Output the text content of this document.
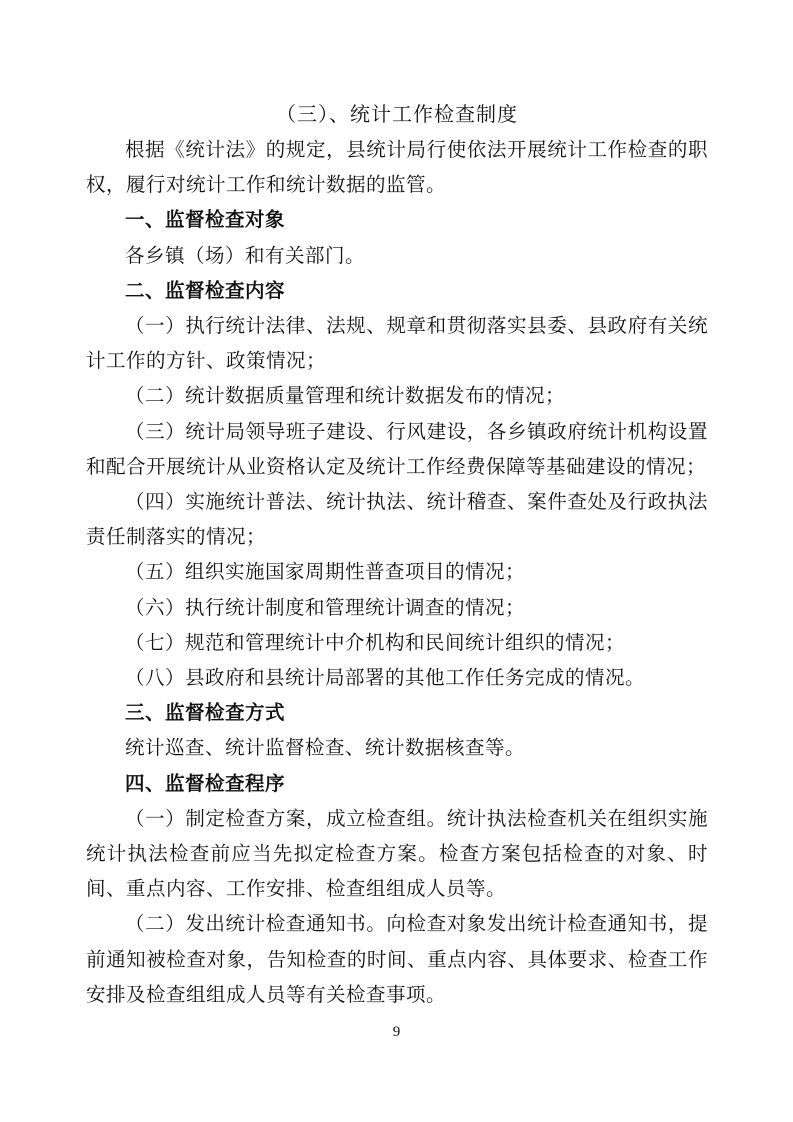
（三）、统计工作检查制度

根据《统计法》的规定，县统计局行使依法开展统计工作检查的职权，履行对统计工作和统计数据的监管。

一、监督检查对象

各乡镇（场）和有关部门。

二、监督检查内容

（一）执行统计法律、法规、规章和贯彻落实县委、县政府有关统计工作的方针、政策情况；

（二）统计数据质量管理和统计数据发布的情况；

（三）统计局领导班子建设、行风建设，各乡镇政府统计机构设置和配合开展统计从业资格认定及统计工作经费保障等基础建设的情况；

（四）实施统计普法、统计执法、统计稽查、案件查处及行政执法责任制落实的情况；

（五）组织实施国家周期性普查项目的情况；

（六）执行统计制度和管理统计调查的情况；

（七）规范和管理统计中介机构和民间统计组织的情况；

（八）县政府和县统计局部署的其他工作任务完成的情况。

三、监督检查方式

统计巡查、统计监督检查、统计数据核查等。

四、监督检查程序

（一）制定检查方案，成立检查组。统计执法检查机关在组织实施统计执法检查前应当先拟定检查方案。检查方案包括检查的对象、时间、重点内容、工作安排、检查组组成人员等。

（二）发出统计检查通知书。向检查对象发出统计检查通知书，提前通知被检查对象，告知检查的时间、重点内容、具体要求、检查工作安排及检查组组成人员等有关检查事项。

9
